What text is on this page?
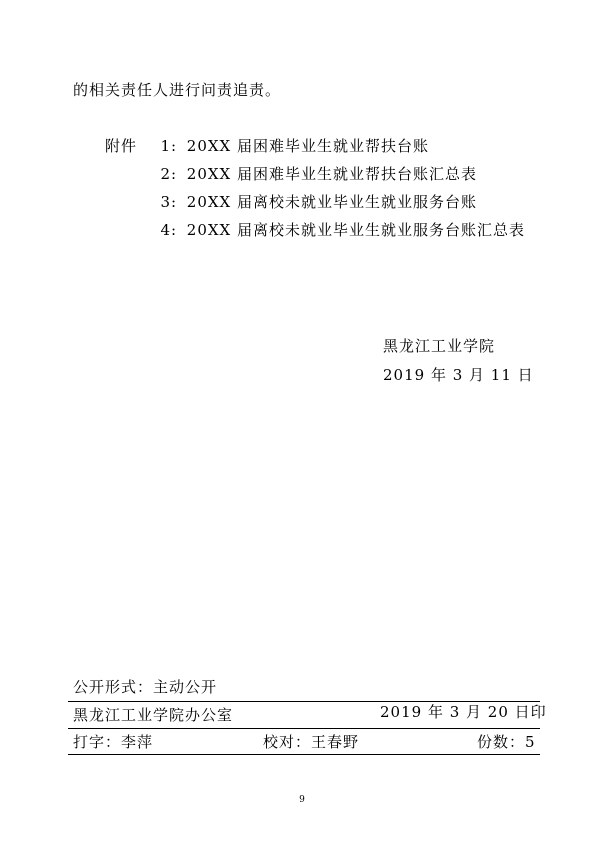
的相关责任人进行问责追责。
附件 1: 20XX 届困难毕业生就业帮扶台账
2: 20XX 届困难毕业生就业帮扶台账汇总表
3: 20XX 届离校未就业毕业生就业服务台账
4: 20XX 届离校未就业毕业生就业服务台账汇总表
黑龙江工业学院
2019 年 3 月 11 日
公开形式：主动公开
黑龙江工业学院办公室	2019 年 3 月 20 日印
打字：李萍	校对：王春野	份数：5
9
